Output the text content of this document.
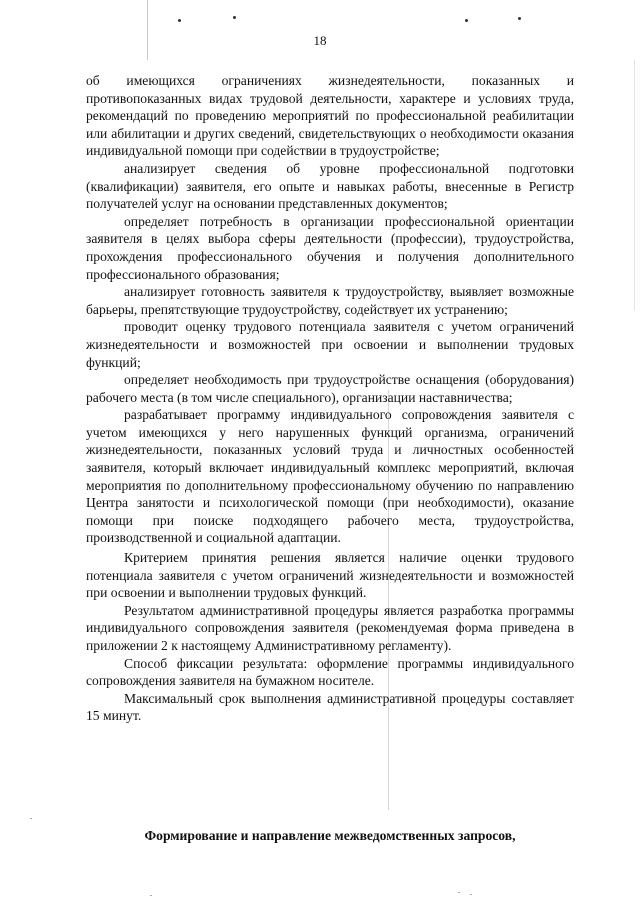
18

об имеющихся ограничениях жизнедеятельности, показанных и противопоказанных видах трудовой деятельности, характере и условиях труда, рекомендаций по проведению мероприятий по профессиональной реабилитации или абилитации и других сведений, свидетельствующих о необходимости оказания индивидуальной помощи при содействии в трудоустройстве;

анализирует сведения об уровне профессиональной подготовки (квалификации) заявителя, его опыте и навыках работы, внесенные в Регистр получателей услуг на основании представленных документов;

определяет потребность в организации профессиональной ориентации заявителя в целях выбора сферы деятельности (профессии), трудоустройства, прохождения профессионального обучения и получения дополнительного профессионального образования;

анализирует готовность заявителя к трудоустройству, выявляет возможные барьеры, препятствующие трудоустройству, содействует их устранению;

проводит оценку трудового потенциала заявителя с учетом ограничений жизнедеятельности и возможностей при освоении и выполнении трудовых функций;

определяет необходимость при трудоустройстве оснащения (оборудования) рабочего места (в том числе специального), организации наставничества;

разрабатывает программу индивидуального сопровождения заявителя с учетом имеющихся у него нарушенных функций организма, ограничений жизнедеятельности, показанных условий труда и личностных особенностей заявителя, который включает индивидуальный комплекс мероприятий, включая мероприятия по дополнительному профессиональному обучению по направлению Центра занятости и психологической помощи (при необходимости), оказание помощи при поиске подходящего рабочего места, трудоустройства, производственной и социальной адаптации.

Критерием принятия решения является наличие оценки трудового потенциала заявителя с учетом ограничений жизнедеятельности и возможностей при освоении и выполнении трудовых функций.

Результатом административной процедуры является разработка программы индивидуального сопровождения заявителя (рекомендуемая форма приведена в приложении 2 к настоящему Административному регламенту).

Способ фиксации результата: оформление программы индивидуального сопровождения заявителя на бумажном носителе.

Максимальный срок выполнения административной процедуры составляет 15 минут.

Формирование и направление межведомственных запросов,
